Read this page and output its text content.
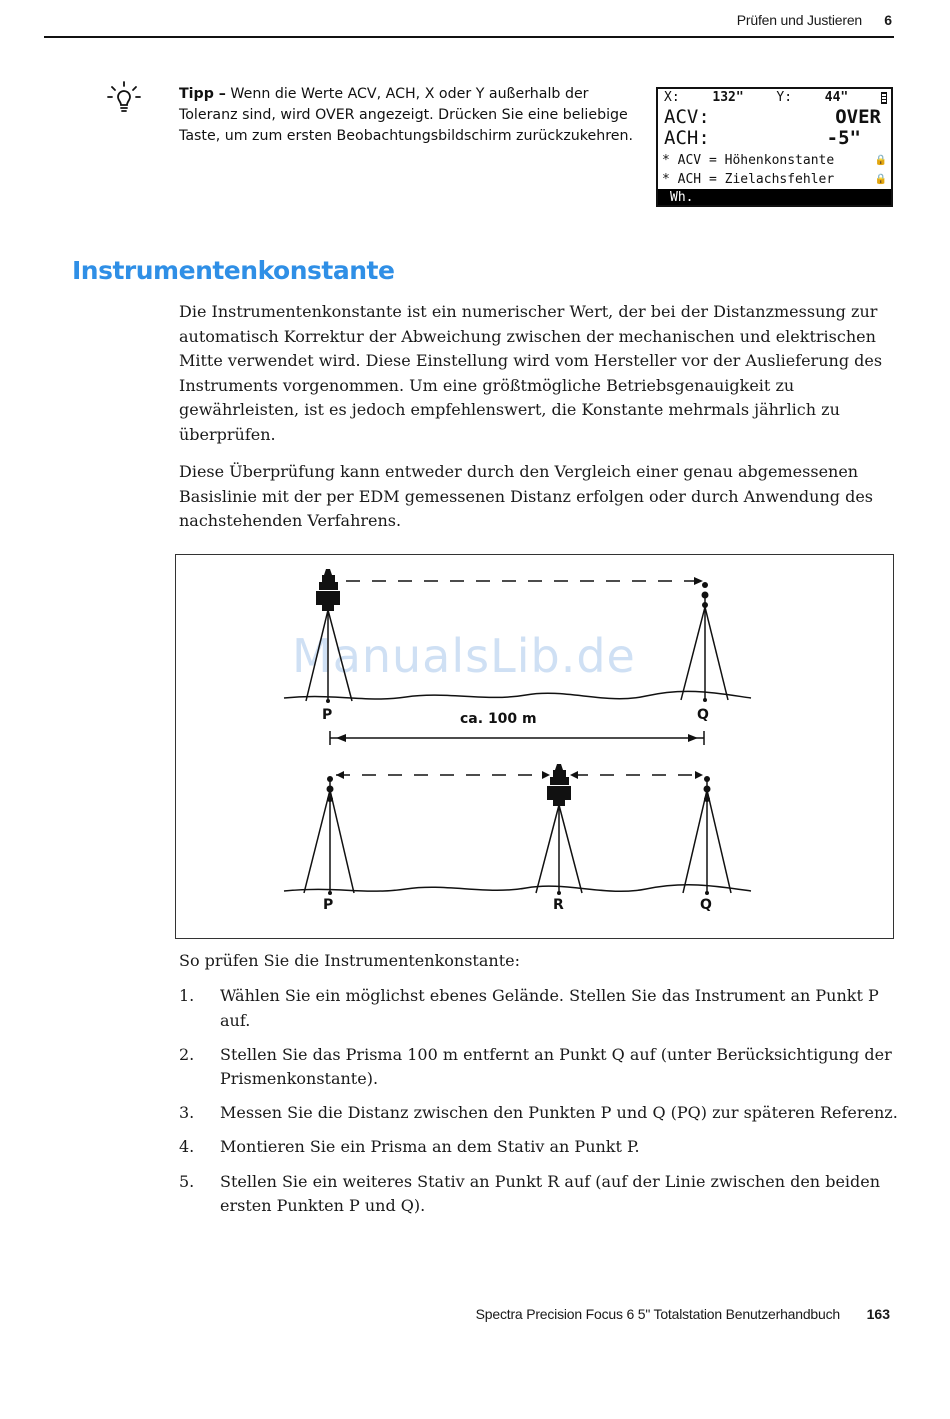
Prüfen und Justieren 6
Tipp – Wenn die Werte ACV, ACH, X oder Y außerhalb der Toleranz sind, wird OVER angezeigt. Drücken Sie eine beliebige Taste, um zum ersten Beobachtungsbildschirm zurückzukehren.
X:	132"	Y:	44"
ACV:	OVER
ACH:	-5"
* ACV = Höhenkonstante	🔒
* ACH = Zielachsfehler	🔒
Wh.
Instrumentenkonstante

Die Instrumentenkonstante ist ein numerischer Wert, der bei der Distanzmessung zur automatisch Korrektur der Abweichung zwischen der mechanischen und elektrischen Mitte verwendet wird. Diese Einstellung wird vom Hersteller vor der Auslieferung des Instruments vorgenommen. Um eine größtmögliche Betriebsgenauigkeit zu gewährleisten, ist es jedoch empfehlenswert, die Konstante mehrmals jährlich zu überprüfen.

Diese Überprüfung kann entweder durch den Vergleich einer genau abgemessenen Basislinie mit der per EDM gemessenen Distanz erfolgen oder durch Anwendung des nachstehenden Verfahrens.

ManualsLib.de
P	Q
ca. 100 m
P	R	Q

So prüfen Sie die Instrumentenkonstante:

1. Wählen Sie ein möglichst ebenes Gelände. Stellen Sie das Instrument an Punkt P auf.
2. Stellen Sie das Prisma 100 m entfernt an Punkt Q auf (unter Berücksichtigung der Prismenkonstante).
3. Messen Sie die Distanz zwischen den Punkten P und Q (PQ) zur späteren Referenz.
4. Montieren Sie ein Prisma an dem Stativ an Punkt P.
5. Stellen Sie ein weiteres Stativ an Punkt R auf (auf der Linie zwischen den beiden ersten Punkten P und Q).
Spectra Precision Focus 6 5" Totalstation Benutzerhandbuch 163
